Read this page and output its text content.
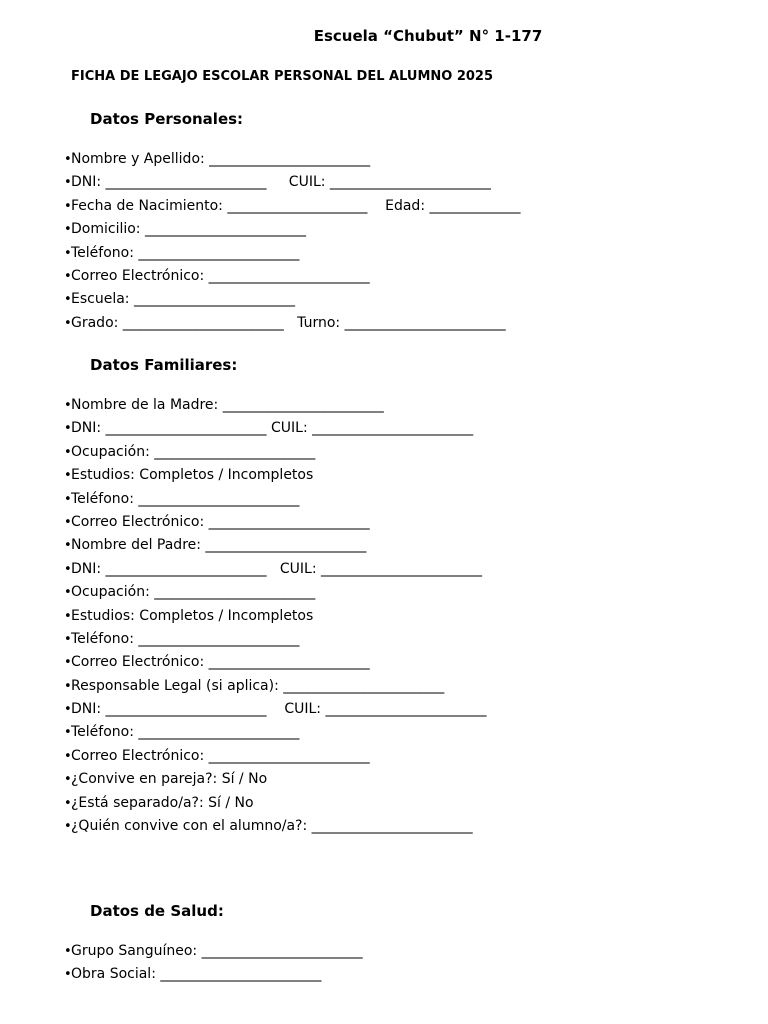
Escuela “Chubut” N° 1-177
FICHA DE LEGAJO ESCOLAR PERSONAL DEL ALUMNO 2025
Datos Personales:
•Nombre y Apellido: _______________________
•DNI: _______________________     CUIL: _______________________
•Fecha de Nacimiento: ____________________    Edad: _____________
•Domicilio: _______________________
•Teléfono: _______________________
•Correo Electrónico: _______________________
•Escuela: _______________________
•Grado: _______________________   Turno: _______________________
Datos Familiares:
•Nombre de la Madre: _______________________
•DNI: _______________________ CUIL: _______________________
•Ocupación: _______________________
•Estudios: Completos / Incompletos
•Teléfono: _______________________
•Correo Electrónico: _______________________
•Nombre del Padre: _______________________
•DNI: _______________________   CUIL: _______________________
•Ocupación: _______________________
•Estudios: Completos / Incompletos
•Teléfono: _______________________
•Correo Electrónico: _______________________
•Responsable Legal (si aplica): _______________________
•DNI: _______________________    CUIL: _______________________
•Teléfono: _______________________
•Correo Electrónico: _______________________
•¿Convive en pareja?: Sí / No
•¿Está separado/a?: Sí / No
•¿Quién convive con el alumno/a?: _______________________
Datos de Salud:
•Grupo Sanguíneo: _______________________
•Obra Social: _______________________
